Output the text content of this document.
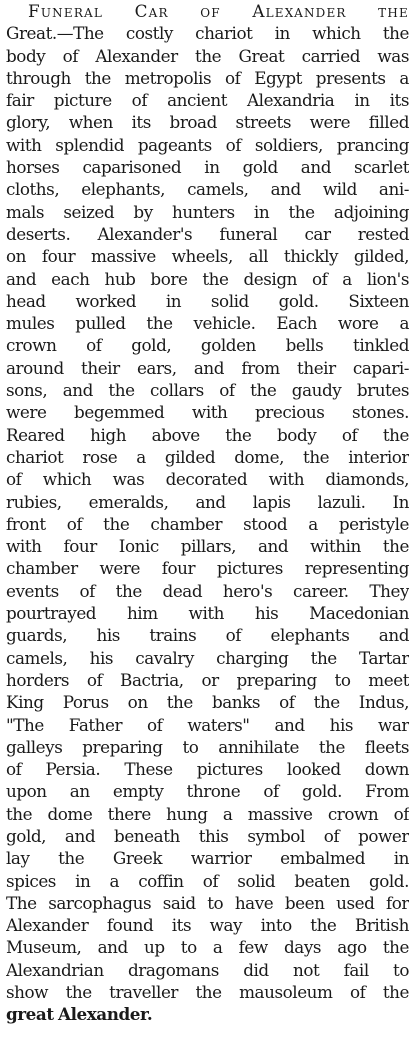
Funeral Car of Alexander the
Great.—The costly chariot in which the
body of Alexander the Great carried was
through the metropolis of Egypt presents a
fair picture of ancient Alexandria in its
glory, when its broad streets were filled
with splendid pageants of soldiers, prancing
horses caparisoned in gold and scarlet
cloths, elephants, camels, and wild ani-
mals seized by hunters in the adjoining
deserts. Alexander's funeral car rested
on four massive wheels, all thickly gilded,
and each hub bore the design of a lion's
head worked in solid gold. Sixteen
mules pulled the vehicle. Each wore a
crown of gold, golden bells tinkled
around their ears, and from their capari-
sons, and the collars of the gaudy brutes
were begemmed with precious stones.
Reared high above the body of the
chariot rose a gilded dome, the interior
of which was decorated with diamonds,
rubies, emeralds, and lapis lazuli. In
front of the chamber stood a peristyle
with four Ionic pillars, and within the
chamber were four pictures representing
events of the dead hero's career. They
pourtrayed him with his Macedonian
guards, his trains of elephants and
camels, his cavalry charging the Tartar
horders of Bactria, or preparing to meet
King Porus on the banks of the Indus,
"The Father of waters" and his war
galleys preparing to annihilate the fleets
of Persia. These pictures looked down
upon an empty throne of gold. From
the dome there hung a massive crown of
gold, and beneath this symbol of power
lay the Greek warrior embalmed in
spices in a coffin of solid beaten gold.
The sarcophagus said to have been used for
Alexander found its way into the British
Museum, and up to a few days ago the
Alexandrian dragomans did not fail to
show the traveller the mausoleum of the
great Alexander.
